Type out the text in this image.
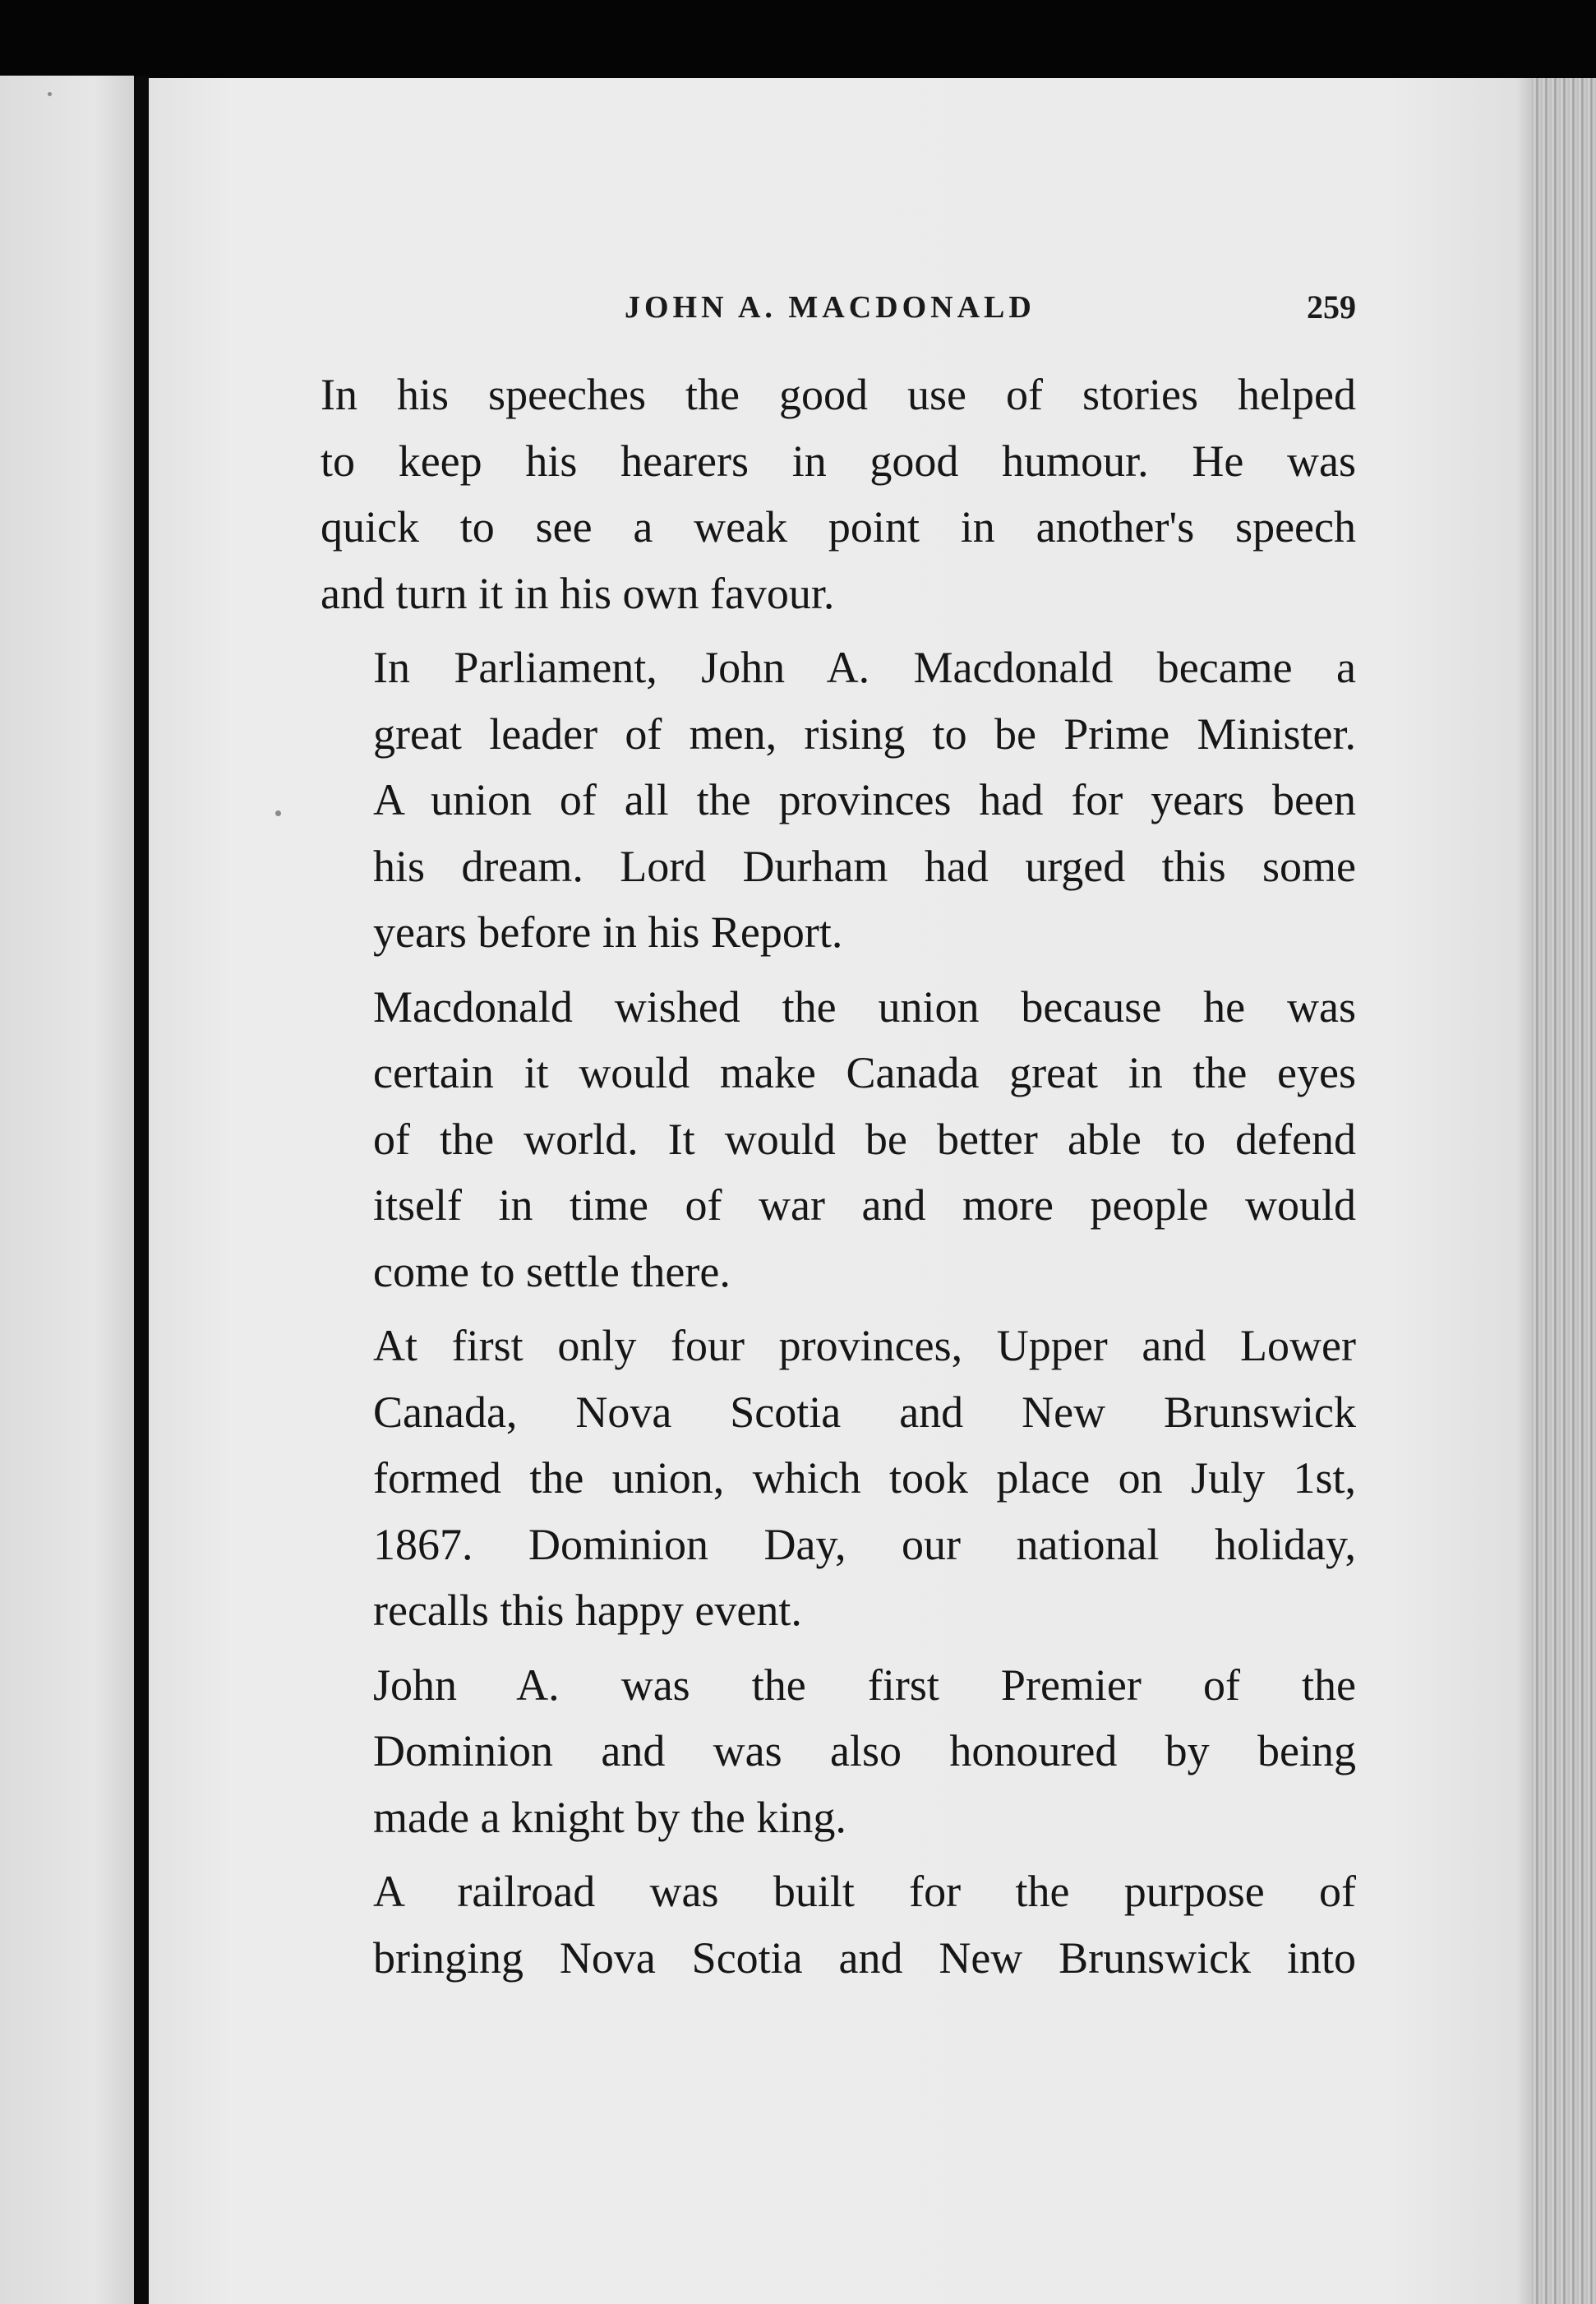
JOHN A. MACDONALD	259
In his speeches the good use of stories helped
to keep his hearers in good humour. He was
quick to see a weak point in another's speech
and turn it in his own favour.
In Parliament, John A. Macdonald became a
great leader of men, rising to be Prime Minister.
A union of all the provinces had for years been
his dream. Lord Durham had urged this some
years before in his Report.
Macdonald wished the union because he was
certain it would make Canada great in the eyes
of the world. It would be better able to defend
itself in time of war and more people would
come to settle there.
At first only four provinces, Upper and Lower
Canada, Nova Scotia and New Brunswick
formed the union, which took place on July 1st,
1867. Dominion Day, our national holiday,
recalls this happy event.
John A. was the first Premier of the
Dominion and was also honoured by being
made a knight by the king.
A railroad was built for the purpose of
bringing Nova Scotia and New Brunswick into
